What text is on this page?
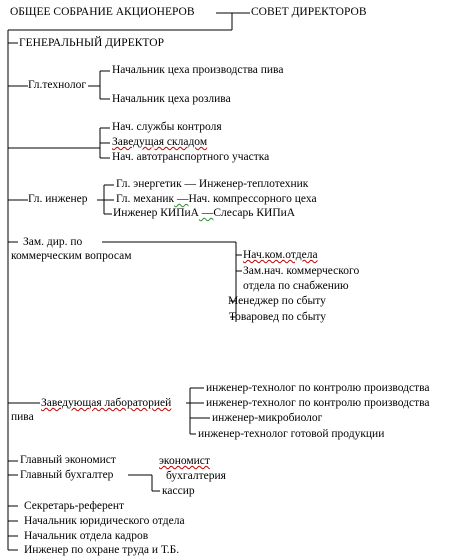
ОБЩЕЕ СОБРАНИЕ АКЦИОНЕРОВ	СОВЕТ ДИРЕКТОРОВ
ГЕНЕРАЛЬНЫЙ ДИРЕКТОР
Гл.технолог
Начальник цеха производства пива
Начальник цеха розлива
Нач. службы контроля
Заведущая складом
Нач. автотранспортного участка
Гл. инженер
Гл. энергетик — Инженер-теплотехник
Гл. механик —Нач. компрессорного цеха
Инженер КИПиА —Слесарь КИПиА
Зам. дир. по
коммерческим вопросам	Нач.ком.отдела
Зам.нач. коммерческого
отдела по снабжению
Менеджер по сбыту
Товаровед по сбыту
Заведующая лабораторией
пива
инженер-технолог по контролю производства
инженер-технолог по контролю производства
инженер-микробиолог
инженер-технолог готовой продукции
Главный экономист	экономист
Главный бухгалтер	бухгалтерия
кассир
Секретарь-референт
Начальник юридического отдела
Начальник отдела кадров
Инженер по охране труда и Т.Б.
